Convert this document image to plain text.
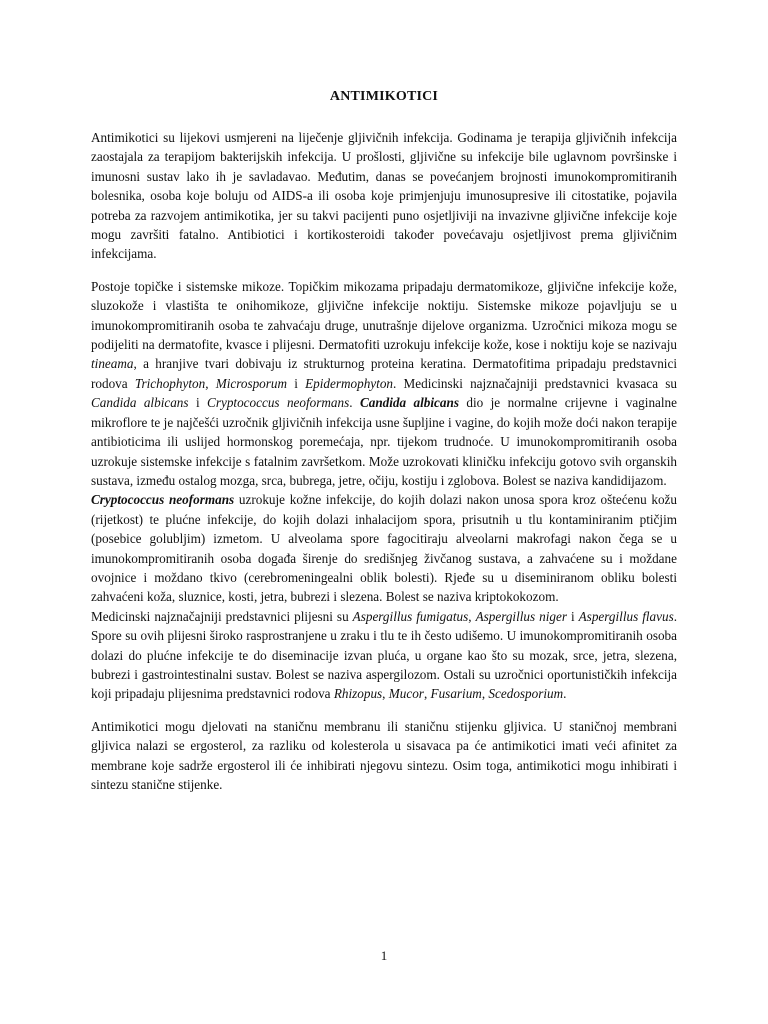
ANTIMIKOTICI

Antimikotici su lijekovi usmjereni na liječenje gljivičnih infekcija. Godinama je terapija gljivičnih infekcija zaostajala za terapijom bakterijskih infekcija. U prošlosti, gljivične su infekcije bile uglavnom površinske i imunosni sustav lako ih je savladavao. Međutim, danas se povećanjem brojnosti imunokompromitiranih bolesnika, osoba koje boluju od AIDS-a ili osoba koje primjenjuju imunosupresive ili citostatike, pojavila potreba za razvojem antimikotika, jer su takvi pacijenti puno osjetljiviji na invazivne gljivične infekcije koje mogu završiti fatalno. Antibiotici i kortikosteroidi također povećavaju osjetljivost prema gljivičnim infekcijama.

Postoje topičke i sistemske mikoze. Topičkim mikozama pripadaju dermatomikoze, gljivične infekcije kože, sluzokože i vlastišta te onihomikoze, gljivične infekcije noktiju. Sistemske mikoze pojavljuju se u imunokompromitiranih osoba te zahvaćaju druge, unutrašnje dijelove organizma. Uzročnici mikoza mogu se podijeliti na dermatofite, kvasce i plijesni. Dermatofiti uzrokuju infekcije kože, kose i noktiju koje se nazivaju tineama, a hranjive tvari dobivaju iz strukturnog proteina keratina. Dermatofitima pripadaju predstavnici rodova Trichophyton, Microsporum i Epidermophyton. Medicinski najznačajniji predstavnici kvasaca su Candida albicans i Cryptococcus neoformans. Candida albicans dio je normalne crijevne i vaginalne mikroflore te je najčešći uzročnik gljivičnih infekcija usne šupljine i vagine, do kojih može doći nakon terapije antibioticima ili uslijed hormonskog poremećaja, npr. tijekom trudnoće. U imunokompromitiranih osoba uzrokuje sistemske infekcije s fatalnim završetkom. Može uzrokovati kliničku infekciju gotovo svih organskih sustava, između ostalog mozga, srca, bubrega, jetre, očiju, kostiju i zglobova. Bolest se naziva kandidijazom.

Cryptococcus neoformans uzrokuje kožne infekcije, do kojih dolazi nakon unosa spora kroz oštećenu kožu (rijetkost) te plućne infekcije, do kojih dolazi inhalacijom spora, prisutnih u tlu kontaminiranim ptičjim (posebice golubljim) izmetom. U alveolama spore fagocitiraju alveolarni makrofagi nakon čega se u imunokompromitiranih osoba događa širenje do središnjeg živčanog sustava, a zahvaćene su i moždane ovojnice i moždano tkivo (cerebromeningealni oblik bolesti). Rjeđe su u diseminiranom obliku bolesti zahvaćeni koža, sluznice, kosti, jetra, bubrezi i slezena. Bolest se naziva kriptokokozom.

Medicinski najznačajniji predstavnici plijesni su Aspergillus fumigatus, Aspergillus niger i Aspergillus flavus. Spore su ovih plijesni široko rasprostranjene u zraku i tlu te ih često udišemo. U imunokompromitiranih osoba dolazi do plućne infekcije te do diseminacije izvan pluća, u organe kao što su mozak, srce, jetra, slezena, bubrezi i gastrointestinalni sustav. Bolest se naziva aspergilozom. Ostali su uzročnici oportunističkih infekcija koji pripadaju plijesnima predstavnici rodova Rhizopus, Mucor, Fusarium, Scedosporium.

Antimikotici mogu djelovati na staničnu membranu ili staničnu stijenku gljivica. U staničnoj membrani gljivica nalazi se ergosterol, za razliku od kolesterola u sisavaca pa će antimikotici imati veći afinitet za membrane koje sadrže ergosterol ili će inhibirati njegovu sintezu. Osim toga, antimikotici mogu inhibirati i sintezu stanične stijenke.

1
